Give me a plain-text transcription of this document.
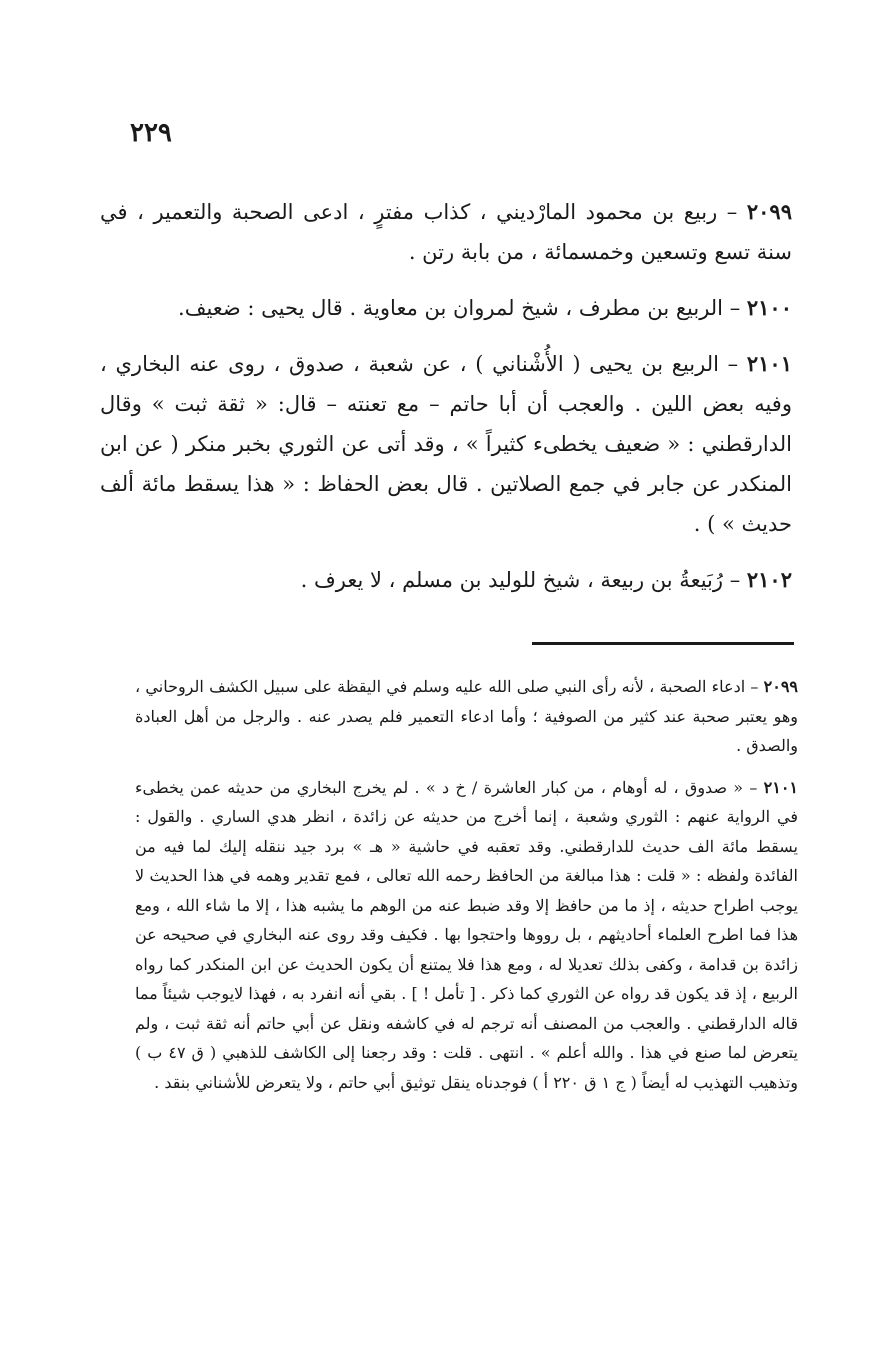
٢٢٩

٢٠٩٩ – ربيع بن محمود المارْديني ، كذاب مفترٍ ، ادعى الصحبة والتعمير ، في سنة تسع وتسعين وخمسمائة ، من بابة رتن .

٢١٠٠ – الربيع بن مطرف ، شيخ لمروان بن معاوية . قال يحيى : ضعيف.

٢١٠١ – الربيع بن يحيى ( الأُشْناني ) ، عن شعبة ، صدوق ، روى عنه البخاري ، وفيه بعض اللين . والعجب أن أبا حاتم – مع تعنته – قال: « ثقة ثبت » وقال الدارقطني : « ضعيف يخطىء كثيراً » ، وقد أتى عن الثوري بخبر منكر ( عن ابن المنكدر عن جابر في جمع الصلاتين . قال بعض الحفاظ : « هذا يسقط مائة ألف حديث » ) .

٢١٠٢ – رُبَيعةُ بن ربيعة ، شيخ للوليد بن مسلم ، لا يعرف .

٢٠٩٩ – ادعاء الصحبة ، لأنه رأى النبي صلى الله عليه وسلم في اليقظة على سبيل الكشف الروحاني ، وهو يعتبر صحبة عند كثير من الصوفية ؛ وأما ادعاء التعمير فلم يصدر عنه . والرجل من أهل العبادة والصدق .

٢١٠١ – « صدوق ، له أوهام ، من كبار العاشرة / خ د » . لم يخرج البخاري من حديثه عمن يخطىء في الرواية عنهم : الثوري وشعبة ، إنما أخرج من حديثه عن زائدة ، انظر هدي الساري . والقول : يسقط مائة الف حديث للدارقطني. وقد تعقبه في حاشية « هـ » برد جيد ننقله إليك لما فيه من الفائدة ولفظه : « قلت : هذا مبالغة من الحافظ رحمه الله تعالى ، فمع تقدير وهمه في هذا الحديث لا يوجب اطراح حديثه ، إذ ما من حافظ إلا وقد ضبط عنه من الوهم ما يشبه هذا ، إلا ما شاء الله ، ومع هذا فما اطرح العلماء أحاديثهم ، بل رووها واحتجوا بها . فكيف وقد روى عنه البخاري في صحيحه عن زائدة بن قدامة ، وكفى بذلك تعديلا له ، ومع هذا فلا يمتنع أن يكون الحديث عن ابن المنكدر كما رواه الربيع ، إذ قد يكون قد رواه عن الثوري كما ذكر . [ تأمل ! ] . بقي أنه انفرد به ، فهذا لايوجب شيئاً مما قاله الدارقطني . والعجب من المصنف أنه ترجم له في كاشفه ونقل عن أبي حاتم أنه ثقة ثبت ، ولم يتعرض لما صنع في هذا . والله أعلم » . انتهى . قلت : وقد رجعنا إلى الكاشف للذهبي ( ق ٤٧ ب ) وتذهيب التهذيب له أيضاً ( ج ١ ق ٢٢٠ أ ) فوجدناه ينقل توثيق أبي حاتم ، ولا يتعرض للأشناني بنقد .
